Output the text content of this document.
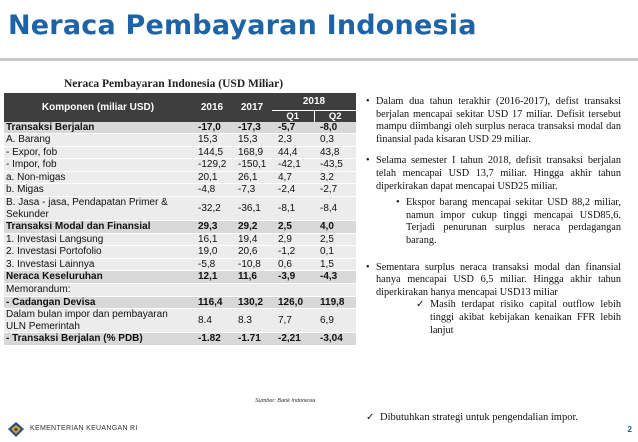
Neraca Pembayaran Indonesia
Neraca Pembayaran Indonesia (USD Miliar)
Komponen (miliar USD)	2016	2017	2018	
			Q1	Q2
Transaksi Berjalan	-17,0	-17,3	-5,7	-8,0
A. Barang	15,3	15,3	2,3	0,3
- Expor, fob	144,5	168,9	44,4	43,8
- Impor, fob	-129,2	-150,1	-42,1	-43,5
a. Non-migas	20,1	26,1	4,7	3,2
b. Migas	-4,8	-7,3	-2,4	-2,7
B. Jasa - jasa, Pendapatan Primer & Sekunder	-32,2	-36,1	-8,1	-8,4
Transaksi Modal dan Finansial	29,3	29,2	2,5	4,0
1. Investasi Langsung	16,1	19,4	2,9	2,5
2. Investasi Portofolio	19,0	20,6	-1,2	0,1
3. Investasi Lainnya	-5,8	-10,8	0,6	1,5
Neraca Keseluruhan	12,1	11,6	-3,9	-4,3
Memorandum:				
- Cadangan Devisa	116,4	130,2	126,0	119,8
Dalam bulan impor dan pembayaran ULN Pemerintah	8.4	8.3	7,7	6,9
- Transaksi Berjalan (% PDB)	-1.82	-1.71	-2,21	-3,04
Sumber: Bank Indonesia
• Dalam dua tahun terakhir (2016-2017), defist transaksi berjalan mencapai sekitar USD 17 miliar. Defisit tersebut mampu diimbangi oleh surplus neraca transaksi modal dan finansial pada kisaran USD 29 miliar.
• Selama semester I tahun 2018, defisit transaksi berjalan telah mencapai USD 13,7 miliar. Hingga akhir tahun diperkirakan dapat mencapai USD25 miliar.
• Ekspor barang mencapai sekitar USD 88,2 miliar, namun impor cukup tinggi mencapai USD85,6. Terjadi penurunan surplus neraca perdagangan barang.
• Sementara surplus neraca transaksi modal dan finansial hanya mencapai USD 6,5 miliar. Hingga akhir tahun diperkirakan hanya mencapai USD13 miliar
✓ Masih terdapat risiko capital outflow lebih tinggi akibat kebijakan kenaikan FFR lebih lanjut
✓ Dibutuhkan strategi untuk pengendalian impor.
KEMENTERIAN KEUANGAN RI	2
